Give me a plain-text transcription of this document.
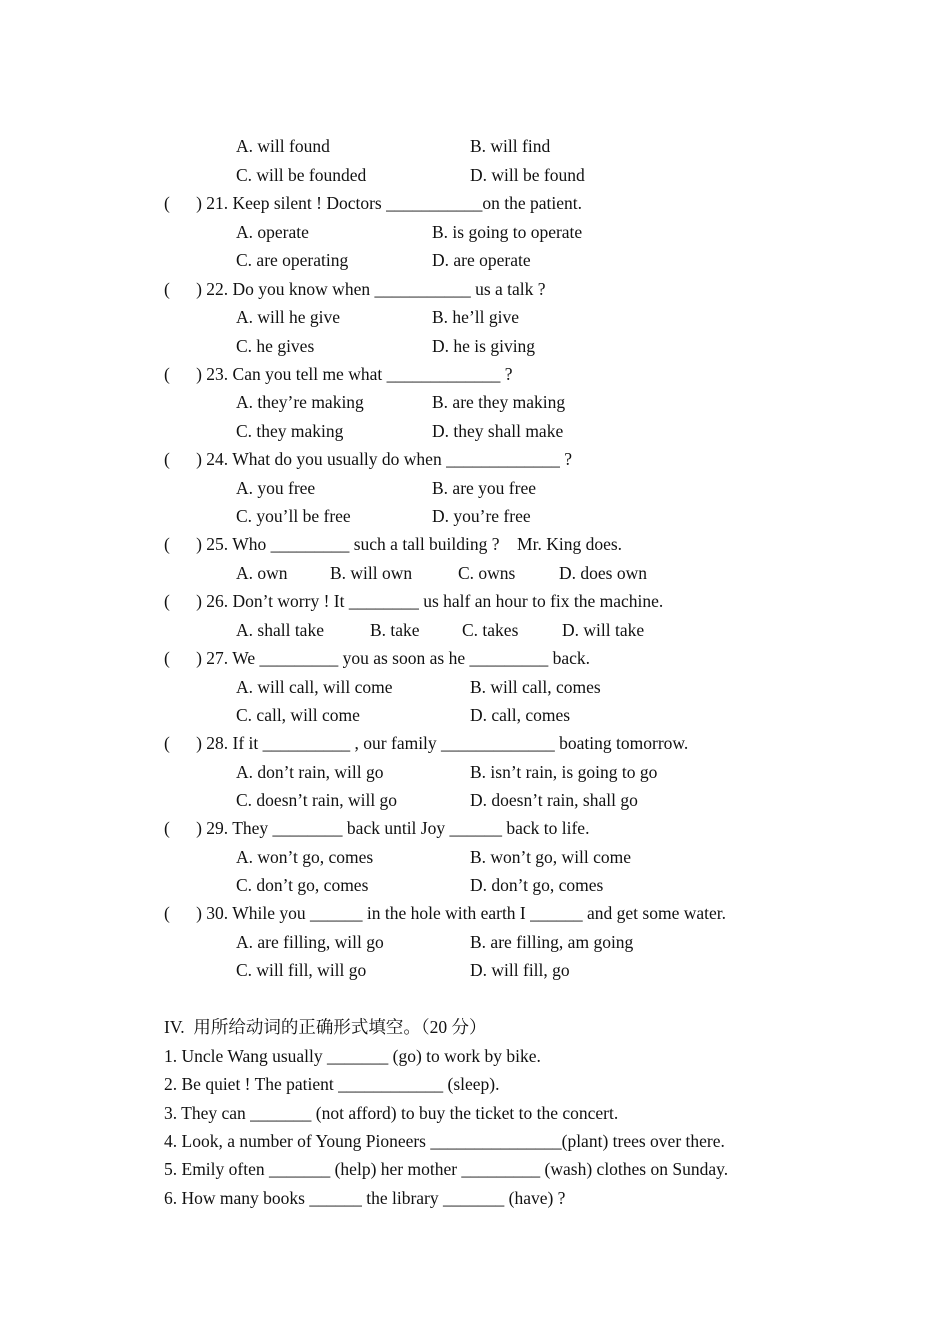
A. will found	B. will find
C. will be founded	D. will be found
(      ) 21. Keep silent ! Doctors ___________on the patient.
A. operate	B. is going to operate
C. are operating	D. are operate
(      ) 22. Do you know when ___________ us a talk ?
A. will he give	B. he’ll give
C. he gives	D. he is giving
(      ) 23. Can you tell me what _____________ ?
A. they’re making	B. are they making
C. they making	D. they shall make
(      ) 24. What do you usually do when _____________ ?
A. you free	B. are you free
C. you’ll be free	D. you’re free
(      ) 25. Who _________ such a tall building ?    Mr. King does.
A. own B. will own	C. owns D. does own
(      ) 26. Don’t worry ! It ________ us half an hour to fix the machine.
A. shall take	B. take C. takes D. will take
(      ) 27. We _________ you as soon as he _________ back.
A. will call, will come	B. will call, comes
C. call, will come	D. call, comes
(      ) 28. If it __________ , our family _____________ boating tomorrow.
A. don’t rain, will go	B. isn’t rain, is going to go
C. doesn’t rain, will go	D. doesn’t rain, shall go
(      ) 29. They ________ back until Joy ______ back to life.
A. won’t go, comes	B. won’t go, will come
C. don’t go, comes	D. don’t go, comes
(      ) 30. While you ______ in the hole with earth I ______ and get some water.
A. are filling, will go	B. are filling, am going
C. will fill, will go	D. will fill, go
IV.  用所给动词的正确形式填空。（20 分）
1. Uncle Wang usually _______ (go) to work by bike.
2. Be quiet ! The patient ____________ (sleep).
3. They can _______ (not afford) to buy the ticket to the concert.
4. Look, a number of Young Pioneers _______________(plant) trees over there.
5. Emily often _______ (help) her mother _________ (wash) clothes on Sunday.
6. How many books ______ the library _______ (have) ?
